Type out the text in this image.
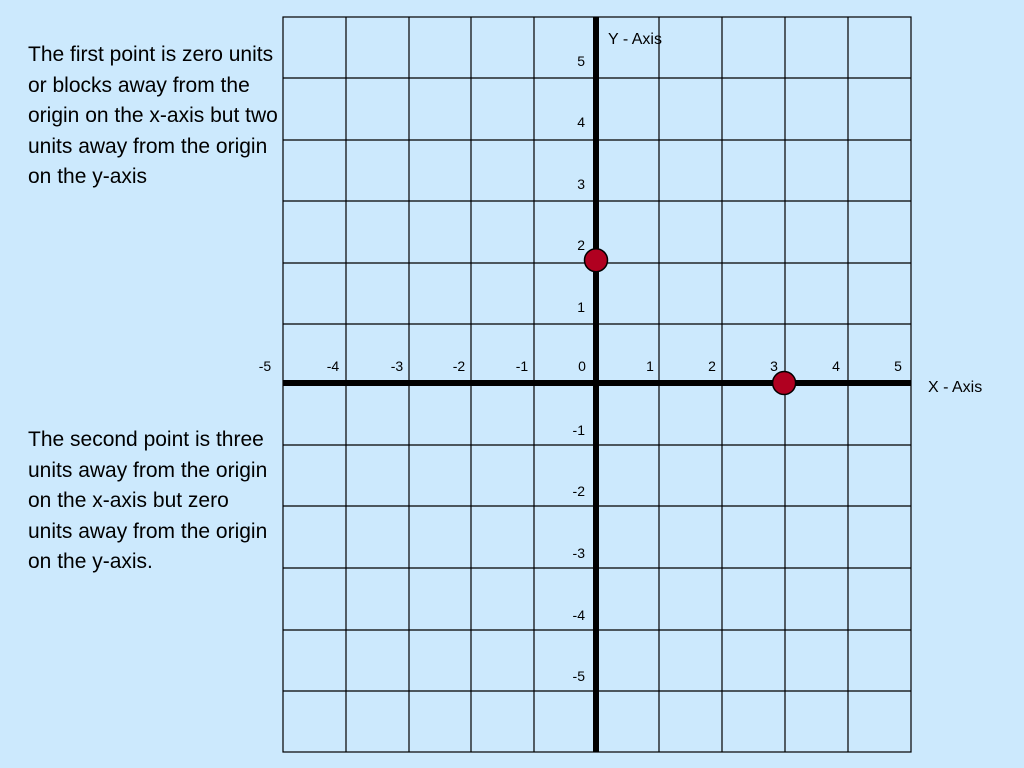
The first point is zero units or blocks away from the origin on the x-axis but two units away from the origin on the y-axis

The second point is three units away from the origin on the x-axis but zero units away from the origin on the y-axis.

-5	-4	-3	-2	-1	0	1	2	3	4	5
5
4
3
2
1
-1
-2
-3
-4
-5
X - Axis
Y - Axis
